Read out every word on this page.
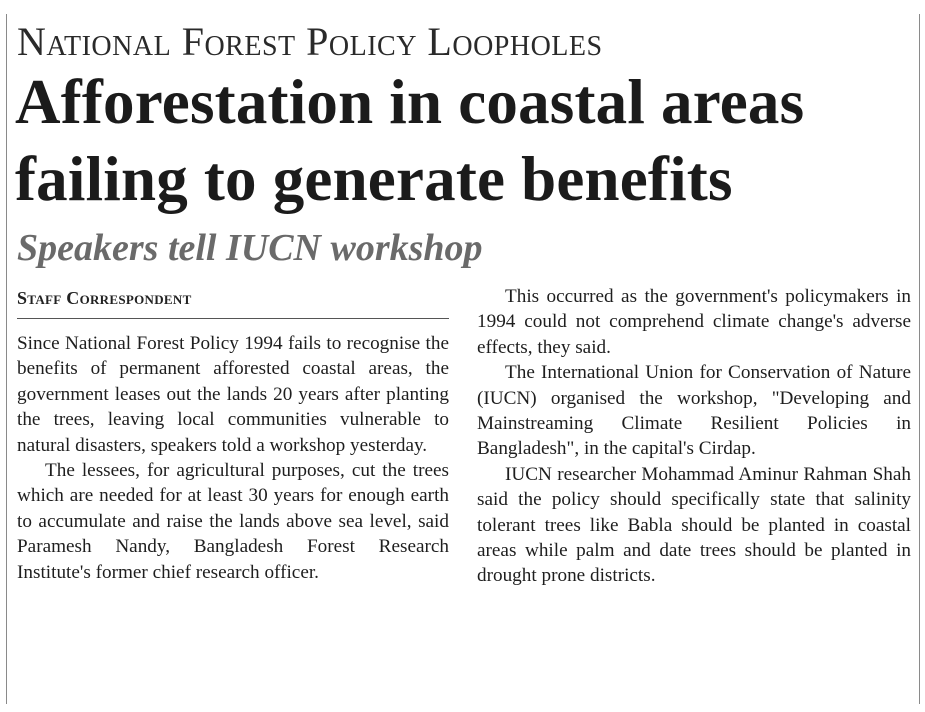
National Forest Policy Loopholes
Afforestation in coastal areas failing to generate benefits
Speakers tell IUCN workshop
Staff Correspondent

Since National Forest Policy 1994 fails to recognise the benefits of permanent afforested coastal areas, the government leases out the lands 20 years after planting the trees, leaving local communities vulnerable to natural disasters, speakers told a workshop yesterday.

The lessees, for agricultural purposes, cut the trees which are needed for at least 30 years for enough earth to accumulate and raise the lands above sea level, said Paramesh Nandy, Bangladesh Forest Research Institute's former chief research officer.

This occurred as the government's policymakers in 1994 could not comprehend climate change's adverse effects, they said.

The International Union for Conservation of Nature (IUCN) organised the workshop, "Developing and Mainstreaming Climate Resilient Policies in Bangladesh", in the capital's Cirdap.

IUCN researcher Mohammad Aminur Rahman Shah said the policy should specifically state that salinity tolerant trees like Babla should be planted in coastal areas while palm and date trees should be planted in drought prone districts.
